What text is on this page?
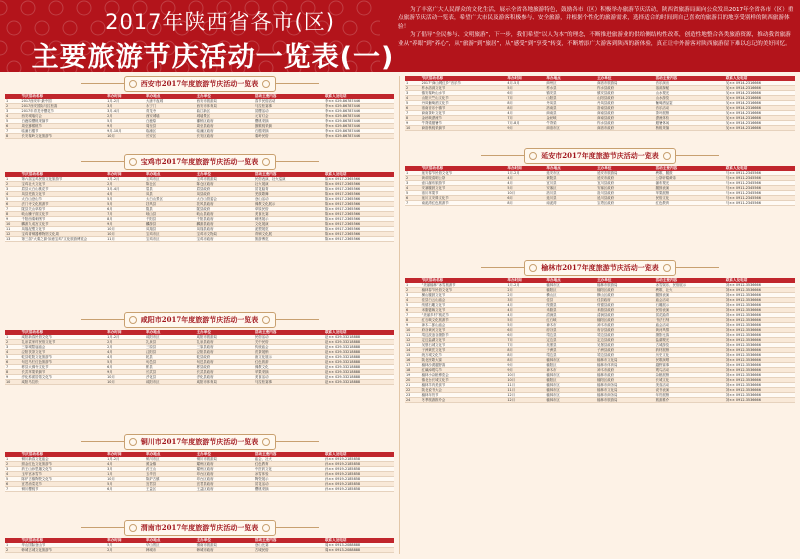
2017年陕西省各市(区)
主要旅游节庆活动一览表(一)

为了丰富广大人民群众的文化生活，展示全省各地旅游特色，鼓励各市（区）积极举办旅游节庆活动，陕西省旅游局面向公众发出2017年全省各市（区）重点旅游节庆活动一览表，希望广大市民及游客积极参与、安全旅游，并根据个性化的旅游需求，选择适合的时间到自己喜欢的旅游目的地享受别样的陕西旅游体验！

为了倡导“全民参与、文明旅游”，下一步，我们希望“以人为本”的理念，不断推进旅游业的供给侧结构性改革，创造性地整合各类旅游资源，推动我省旅游业从“养眼”到“养心”，从“旅游”到“旅居”，从“感受”到“享受”转变，不断增添广大游客到陕西的新体验，真正让中外游客对陕西旅游留下难以忘记的美好回忆。

西安市2017年度旅游节庆活动一览表
	节庆活动名称	举办时间	举办地点	主办单位	活动主要内容	联系人及电话
1	2017西安年·最中国	1月-2月	大唐不夜城	西安市旅游局	春节民俗活动	李×× 029-86787446
2	2017西安国际马拉松赛	3月	永宁门	西安市体育局	马拉松赛事	李×× 029-86787446
3	2017年青龙寺樱花节	3月-4月	青龙寺	曲江新区	赏樱活动	李×× 029-86787446
4	西安城墙灯会	2月	西安城墙	城墙景区	元宵灯会	李×× 029-86787446
5	白鹿原樱桃采摘节	5月	白鹿原	灞桥区政府	樱桃采摘	李×× 029-86787446
6	周至猕猴桃节	9月	周至县	周至县政府	猕猴桃采摘	李×× 029-86787446
7	临潼石榴节	9月-10月	临潼区	临潼区政府	石榴采摘	李×× 029-86787446
8	长安秦岭文化旅游节	10月	长安区	长安区政府	秦岭民俗	李×× 029-86787446
宝鸡市2017年度旅游节庆活动一览表
	节庆活动名称	举办时间	举办地点	主办单位	活动主要内容	联系人及电话
1	第六届宝鸡民俗文化旅游节	1月-2月	宝鸡市区	宝鸡市旅游局	民俗表演、社火巡演	陈×× 0917-2365566
2	宝鸡社火文化节	2月	陈仓区	陈仓区政府	社火展演	陈×× 0917-2365566
3	眉县太白山桃花节	3月-4月	眉县	眉县政府	赏花踏青	陈×× 0917-2365566
4	凤县羌族文化节	4月	凤县	凤县政府	羌族歌舞	陈×× 0917-2365566
5	太白山登山节	5月	太白山景区	太白山管委会	登山活动	陈×× 0917-2365566
6	法门寺文化旅游节	5月	扶风县	扶风县政府	佛教文化展示	陈×× 0917-2365566
7	陇县关山草原节	6月	陇县	陇县政府	草原民俗	陈×× 0917-2365566
8	岐山臊子面文化节	7月	岐山县	岐山县政府	美食比赛	陈×× 0917-2365566
9	千阳西秦刺绣节	8月	千阳县	千阳县政府	刺绣展示	陈×× 0917-2365566
10	麟游九成宫文化节	9月	麟游县	麟游县政府	文化展演	陈×× 0917-2365566
11	凤翔泥塑文化节	10月	凤翔县	凤翔县政府	泥塑展览	陈×× 0917-2365566
12	宝鸡青铜器博物馆文化周	10月	宝鸡市区	宝鸡市文物局	青铜文化展	陈×× 0917-2365566
13	第三届“大秦之源·如意宝鸡”文化旅游博览会	11月	宝鸡市区	宝鸡市政府	旅游博览	陈×× 0917-2365566
咸阳市2017年度旅游节庆活动一览表
	节庆活动名称	举办时间	举办地点	主办单位	活动主要内容	联系人及电话
1	咸阳新春民俗文化节	1月-2月	咸阳市区	咸阳市旅游局	民俗活动	赵×× 029-33218888
2	礼泉袁家村民俗文化节	2月	礼泉县	礼泉县政府	关中民俗	赵×× 029-33218888
3	三原城隍庙庙会	2月	三原县	三原县政府	传统庙会	赵×× 029-33218888
4	泾阳茯茶文化节	4月	泾阳县	泾阳县政府	茯茶展销	赵×× 029-33218888
5	乾县乾陵文化旅游节	4月	乾县	乾县政府	唐文化展示	赵×× 029-33218888
6	旬邑马栏红色旅游节	5月	旬邑县	旬邑县政府	红色旅游	赵×× 029-33218888
7	彬县大佛寺文化节	6月	彬县	彬县政府	佛教文化	赵×× 029-33218888
8	长武苹果采摘节	9月	长武县	长武县政府	苹果采摘	赵×× 029-33218888
9	淳化荞面饸饹文化节	10月	淳化县	淳化县政府	美食活动	赵×× 029-33218888
10	咸阳马拉松	10月	咸阳市区	咸阳市体育局	马拉松赛事	赵×× 029-33218888
铜川市2017年度旅游节庆活动一览表
	节庆活动名称	举办时间	举办地点	主办单位	活动主要内容	联系人及电话
1	铜川新春文化庙会	1月-2月	铜川市区	铜川市旅游局	庙会、社火	孙×× 0919-2185858
2	照金红色文化旅游节	4月	照金镇	耀州区政府	红色教育	孙×× 0919-2185858
3	药王山孙思邈文化节	3月	药王山	耀州区政府	中医药文化	孙×× 0919-2185858
4	玉华宫冰雪节	1月	玉华宫	印台区政府	冰雪体验	孙×× 0919-2185858
5	陈炉古镇陶瓷文化节	10月	陈炉古镇	印台区政府	陶瓷展示	孙×× 0919-2185858
6	宜君油菜花节	5月	宜君县	宜君县政府	赏花活动	孙×× 0919-2185858
7	铜川樱桃节	6月	王益区	王益区政府	樱桃采摘	孙×× 0919-2185858
渭南市2017年度旅游节庆活动一览表
	节庆活动名称	举办时间	举办地点	主办单位	活动主要内容	联系人及电话
1	华山国际登山节	5月	华山景区	渭南市旅游局	登山比赛	周×× 0913-2088888
2	韩城古城文化旅游节	2月	韩城市	韩城市政府	古城民俗	周×× 0913-2088888
	节庆活动名称	举办时间	举办地点	主办单位	活动主要内容	联系人及电话
1	2017“商山网红乡”音乐节	4月-5月	商州区	商洛市旅游局	音乐演出	吴×× 0914-2316666
2	柞水溶洞文化节	5月	柞水县	柞水县政府	溶洞探秘	吴×× 0914-2316666
3	镇安秦岭山水节	6月	镇安县	镇安县政府	山水观光	吴×× 0914-2316666
4	山阳天竺山文化节	7月	山阳县	山阳县政府	山水游览	吴×× 0914-2316666
5	丹凤葡萄酒文化节	8月	丹凤县	丹凤县政府	葡萄酒品鉴	吴×× 0914-2316666
6	洛南音乐小镇节	8月	洛南县	洛南县政府	音乐活动	吴×× 0914-2316666
7	商南茶叶文化节	4月	商南县	商南县政府	茶叶展销	吴×× 0914-2316666
8	金丝峡漂流节	7月	金丝峡	商南县政府	漂流体验	吴×× 0914-2316666
9	牛背梁避暑节	7月-8月	牛背梁	柞水县政府	避暑休闲	吴×× 0914-2316666
10	商洛核桃采摘节	9月	商洛市区	商洛市政府	核桃采摘	吴×× 0914-2316666
延安市2017年度旅游节庆活动一览表
	节庆活动名称	举办时间	举办地点	主办单位	活动主要内容	联系人及电话
1	延安春节民俗文化节	1月-2月	延安市区	延安市旅游局	秧歌、腰鼓	马×× 0911-2345566
2	黄帝陵清明公祭	4月	黄陵县	延安市政府	公祭轩辕黄帝	马×× 0911-2345566
3	壶口瀑布旅游节	4月	宜川县	宜川县政府	瀑布观光	马×× 0911-2345566
4	安塞腰鼓文化节	5月	安塞区	安塞区政府	腰鼓表演	马×× 0911-2345566
5	洛川苹果节	10月	洛川县	洛川县政府	苹果展销	马×× 0911-2345566
6	延川文安驿文化节	6月	延川县	延川县政府	民俗文化	马×× 0911-2345566
7	南泥湾红色旅游节	8月	南泥湾	宝塔区政府	红色教育	马×× 0911-2345566
榆林市2017年度旅游节庆活动一览表
	节庆活动名称	举办时间	举办地点	主办单位	活动主要内容	联系人及电话
1	“美丽榆林”冰雪旅游节	1月-2月	榆林市区	榆林市旅游局	冰雪娱乐、民俗展示	刘×× 0912-3536666
2	榆林春节民俗文化节	2月	榆阳区	榆阳区政府	秧歌、社火	刘×× 0912-3536666
3	横山腰鼓文化节	2月	横山区	横山区政府	腰鼓表演	刘×× 0912-3536666
4	佳县白云山庙会	3月	佳县	佳县政府	庙会活动	刘×× 0912-3536666
5	绥德石雕文化节	4月	绥德县	绥德县政府	石雕展示	刘×× 0912-3536666
6	米脂婆姨文化节	4月	米脂县	米脂县政府	民俗表演	刘×× 0912-3536666
7	“美丽乡村”桃花节	4月	清涧县	清涧县政府	赏花踏青	刘×× 0912-3536666
8	红石峡文化旅游节	5月	红石峡	榆阳区政府	书法石刻	刘×× 0912-3536666
9	神木二郎山庙会	5月	神木市	神木市政府	庙会活动	刘×× 0912-3536666
10	府谷黄河文化节	6月	府谷县	府谷县政府	黄河风情	刘×× 0912-3536666
11	靖边波浪谷摄影节	6月	靖边县	靖边县政府	摄影比赛	刘×× 0912-3536666
12	定边盐湖文化节	7月	定边县	定边县政府	盐湖观光	刘×× 0912-3536666
13	吴堡石城文化节	7月	吴堡县	吴堡县政府	古城游览	刘×× 0912-3536666
14	子洲黄芪文化节	8月	子洲县	子洲县政府	药材展销	刘×× 0912-3536666
15	统万城文化节	8月	靖边县	靖边县政府	历史文化	刘×× 0912-3536666
16	陕北民歌大赛	8月	榆林市区	榆林市文化局	民歌演唱	刘×× 0912-3536666
17	榆林沙漠越野赛	9月	榆阳区	榆林市体育局	越野赛事	刘×× 0912-3536666
18	红碱淖观鸟节	9月	神木市	神木市政府	观鸟活动	刘×× 0912-3536666
19	榆林小杂粮博览会	10月	榆林市区	榆林市政府	杂粮展销	刘×× 0912-3536666
20	镇北台长城文化节	10月	榆阳区	榆阳区政府	长城文化	刘×× 0912-3536666
21	榆林羊肉美食节	11月	榆林市区	榆林市商务局	美食活动	刘×× 0912-3536666
22	陕北说书大会	11月	榆林市区	榆林市文化局	说书表演	刘×× 0912-3536666
23	榆林年货节	12月	榆林市区	榆林市商务局	年货展销	刘×× 0912-3536666
24	冬季旅游推介会	12月	榆林市区	榆林市旅游局	旅游推介	刘×× 0912-3536666
